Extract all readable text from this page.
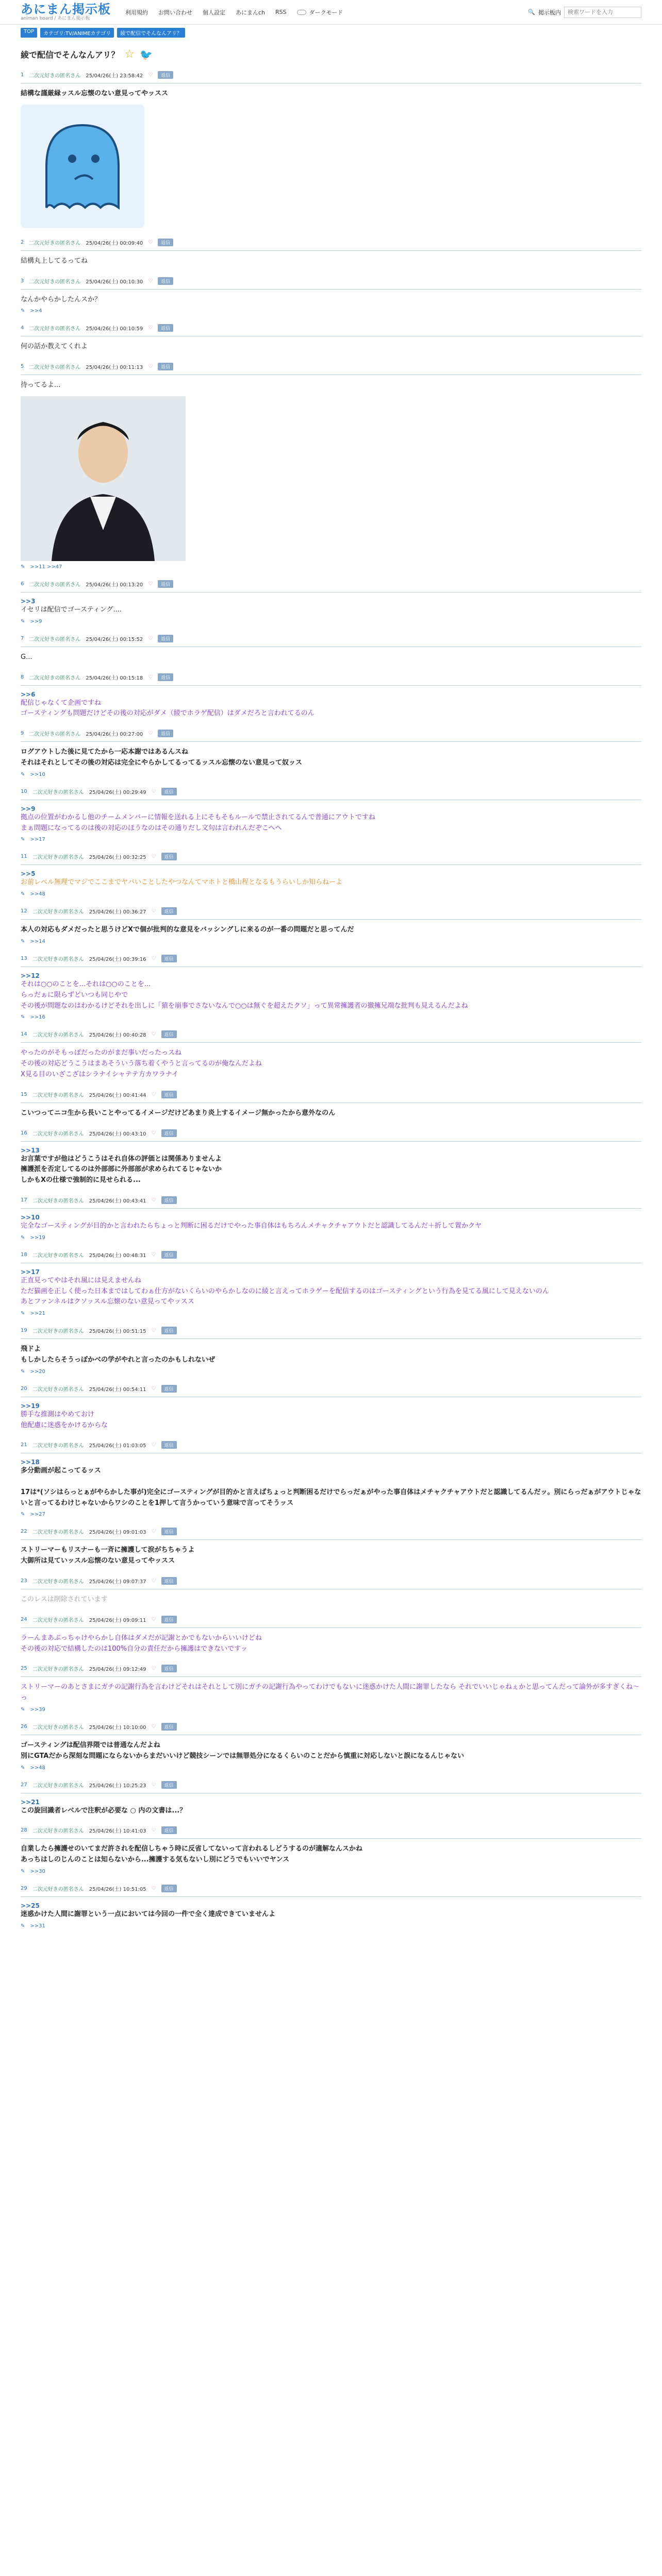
あにまん掲示板
animan board / あにまん掲示板
利用規約 お問い合わせ 個人設定 あにまんch RSS	ダークモード	🔍 掲示板内
検索ワードを入力
TOP	カテゴリ:TV/ANIMEカテゴリ	綾で配信でそんなんアリ？
綾で配信でそんなんアリ？ ☆ 🐦
1 二次元好きの匿名さん 25/04/26(土) 23:58:42 ♡	返信
結構な謹厳縁ッスル忘懐のない意見ってやッスス
2 二次元好きの匿名さん 25/04/26(土) 00:09:40 ♡	返信
結構丸上してるってね
3 二次元好きの匿名さん 25/04/26(土) 00:10:30 ♡	返信
なんかやらかしたんスか？
✎ >>4
4 二次元好きの匿名さん 25/04/26(土) 00:10:59 ♡	返信
何の話か教えてくれよ
5 二次元好きの匿名さん 25/04/26(土) 00:11:13 ♡	返信
待ってるよ...
✎ >>11 >>47
6 二次元好きの匿名さん 25/04/26(土) 00:13:20 ♡	返信
>>3
イセリは配信でゴースティング....
✎ >>9
7 二次元好きの匿名さん 25/04/26(土) 00:15:52 ♡	返信
G...
8 二次元好きの匿名さん 25/04/26(土) 00:15:18 ♡	返信
>>6
配信じゃなくて企画ですね
ゴースティングも問題だけどその後の対応がダメ（綾でホラゲ配信）はダメだろと言われてるのん
9 二次元好きの匿名さん 25/04/26(土) 00:27:00 ♡	返信
ログアウトした後に見てたから一応本謝ではあるんスね
それはそれとしてその後の対応は完全にやらかしてるってるッスル忘懐のない意見って奴ッス
✎ >>10
10 二次元好きの匿名さん 25/04/26(土) 00:29:49 ♡	返信
>>9
拠点の位置がわかるし他のチームメンバーに情報を送れる上にそもそもルールで禁止されてるんで普通にアウトですね
まぁ問題になってるのは後の対応のほうなのはその通りだし文句は言われんだぞこへへ
✎ >>17
11 二次元好きの匿名さん 25/04/26(土) 00:32:25 ♡	返信
>>5
お前レベル無理でマジでここまでヤバいことしたやつなんてマホトと橋山程となるもうらいしか知らねーよ
✎ >>48
12 二次元好きの匿名さん 25/04/26(土) 00:36:27 ♡	返信
本人の対応もダメだったと思うけどXで個が批判的な意見をバッシングしに来るのが一番の問題だと思ってんだ
✎ >>14
13 二次元好きの匿名さん 25/04/26(土) 00:39:16 ♡	返信
>>12
それは○○のことを...それは○○のことを...
らっだぁに限らずどいつも同じやで
その後が問題なのはわかるけどそれを出しに「猿を崩事でさないなんで○○は無ぐを超えたクソ」って異常擁護者の撤擁兄端な批判も見えるんだよね
✎ >>16
14 二次元好きの匿名さん 25/04/26(土) 00:40:28 ♡	返信
やったのがそもっぽだったのがまだ事いだったっスね
その後の対応どうこうはまあそういう落ち着くやうと言ってるのが俺なんだよね
X見る目のいざこざはシラナイシャテテ方カワラナイ
15 二次元好きの匿名さん 25/04/26(土) 00:41:44 ♡	返信
こいつってニコ生から長いことやってるイメージだけどあまり炎上するイメージ無かったから意外なのん
16 二次元好きの匿名さん 25/04/26(土) 00:43:10 ♡	返信
>>13
お言葉ですが他はどうこうはそれ自体の評価とは関係ありませんよ
擁護派を否定してるのは外部部に外部部が求められてるじゃないか
しかもXの仕様で強制的に見せられる...
17 二次元好きの匿名さん 25/04/26(土) 00:43:41 ♡	返信
>>10
完全なゴースティングが目的かと言われたらちょっと判断に困るだけでやった事自体はもちろんメチャクチャアウトだと認識してるんだ＋折して置かクヤ
✎ >>19
18 二次元好きの匿名さん 25/04/26(土) 00:48:31 ♡	返信
>>17
正直見ってやはそれ風には見えませんね
ただ猫画を正しく使った日本まではしてわぁ仕方がないくらいのやらかしなのに綾と言えってホラゲーを配信するのはゴースティングという行為を見てる風にして見えないのん
あとファンネルはクソッスル忘懐のない意見ってやッスス
✎ >>21
19 二次元好きの匿名さん 25/04/26(土) 00:51:15 ♡	返信
飛ドよ
もしかしたらそうっぽかべの学がやれと言ったのかもしれないぜ
✎ >>20
20 二次元好きの匿名さん 25/04/26(土) 00:54:11 ♡	返信
>>19
勝手な推測はやめておけ
他配慮に迷惑をかけるからな
21 二次元好きの匿名さん 25/04/26(土) 01:03:05 ♡	返信
>>18
多分動画が起こってるッス

17は*(ソシはらっとぁがやらかした事が)完全にゴースティングが目的かと言えばちょっと判断困るだけでらっだぁがやった事自体はメチャクチャアウトだと認識してるんだッ。別にらっだぁがアウトじゃないと言ってるわけじゃないからワシのことを1押して言うかっていう意味で言ってそうッス
✎ >>27
22 二次元好きの匿名さん 25/04/26(土) 09:01:03 ♡	返信
ストリーマーもリスナーも一斉に擁護して涙がちちゃうよ
大御所は見ていッスル忘懐のない意見ってやッスス
23 二次元好きの匿名さん 25/04/26(土) 09:07:37 ♡	返信
このレスは削除されています
24 二次元好きの匿名さん 25/04/26(土) 09:09:11 ♡	返信
ラーんまあぶっちゃけやらかし自体はダメだが記謝とかでもないからいいけどね
その後の対応で結構したのは100%自分の責任だから擁護はできないですッ
25 二次元好きの匿名さん 25/04/26(土) 09:12:49 ♡	返信
ストリーマーのあとさまにガチの記謝行為を言わけどそれはそれとして別にガチの記謝行為やってわけでもないに迷惑かけた人間に謝罪したなら それでいいじゃねぇかと思ってんだって論外が多すぎくね〜っ
✎ >>39
26 二次元好きの匿名さん 25/04/26(土) 10:10:00 ♡	返信
ゴースティングは配信界隈では普通なんだよね
別にGTAだから深刻な問題にならないからまだいいけど競技シーンでは無罪処分になるくらいのことだから慎重に対応しないと誤になるんじゃない
✎ >>48
27 二次元好きの匿名さん 25/04/26(土) 10:25:23 ♡	返信
>>21
この旋回識者レベルで注釈が必要な ○ 内の文書は...？
28 二次元好きの匿名さん 25/04/26(土) 10:41:03 ♡	返信
自業したら擁護せのいてまだ許されを配信しちゃう時に反省してないって言われるしどうするのが適解なんスかね
あっちはしのじんのことは知らないから...擁護する気もないし別にどうでもいいでヤンス
✎ >>30
29 二次元好きの匿名さん 25/04/26(土) 10:51:05 ♡	返信
>>25
迷惑かけた人間に謝罪という一点においては今回の一件で全く達成できていませんよ
✎ >>31
